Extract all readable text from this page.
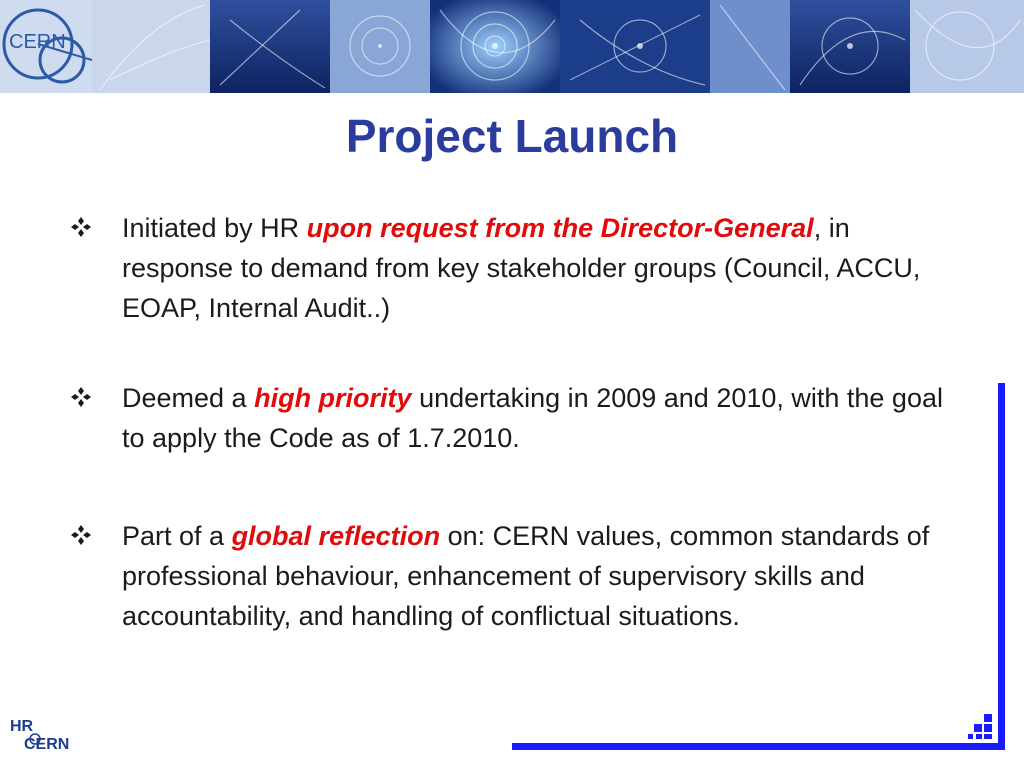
CERN
Project Launch
Initiated by HR upon request from the Director-General, in response to demand from key stakeholder groups (Council, ACCU, EOAP, Internal Audit..)
Deemed a high priority undertaking in 2009 and 2010, with the goal to apply the Code as of 1.7.2010.
Part of a global reflection on: CERN values, common standards of professional behaviour, enhancement of supervisory skills and accountability, and handling of conflictual situations.
HR
CERN
